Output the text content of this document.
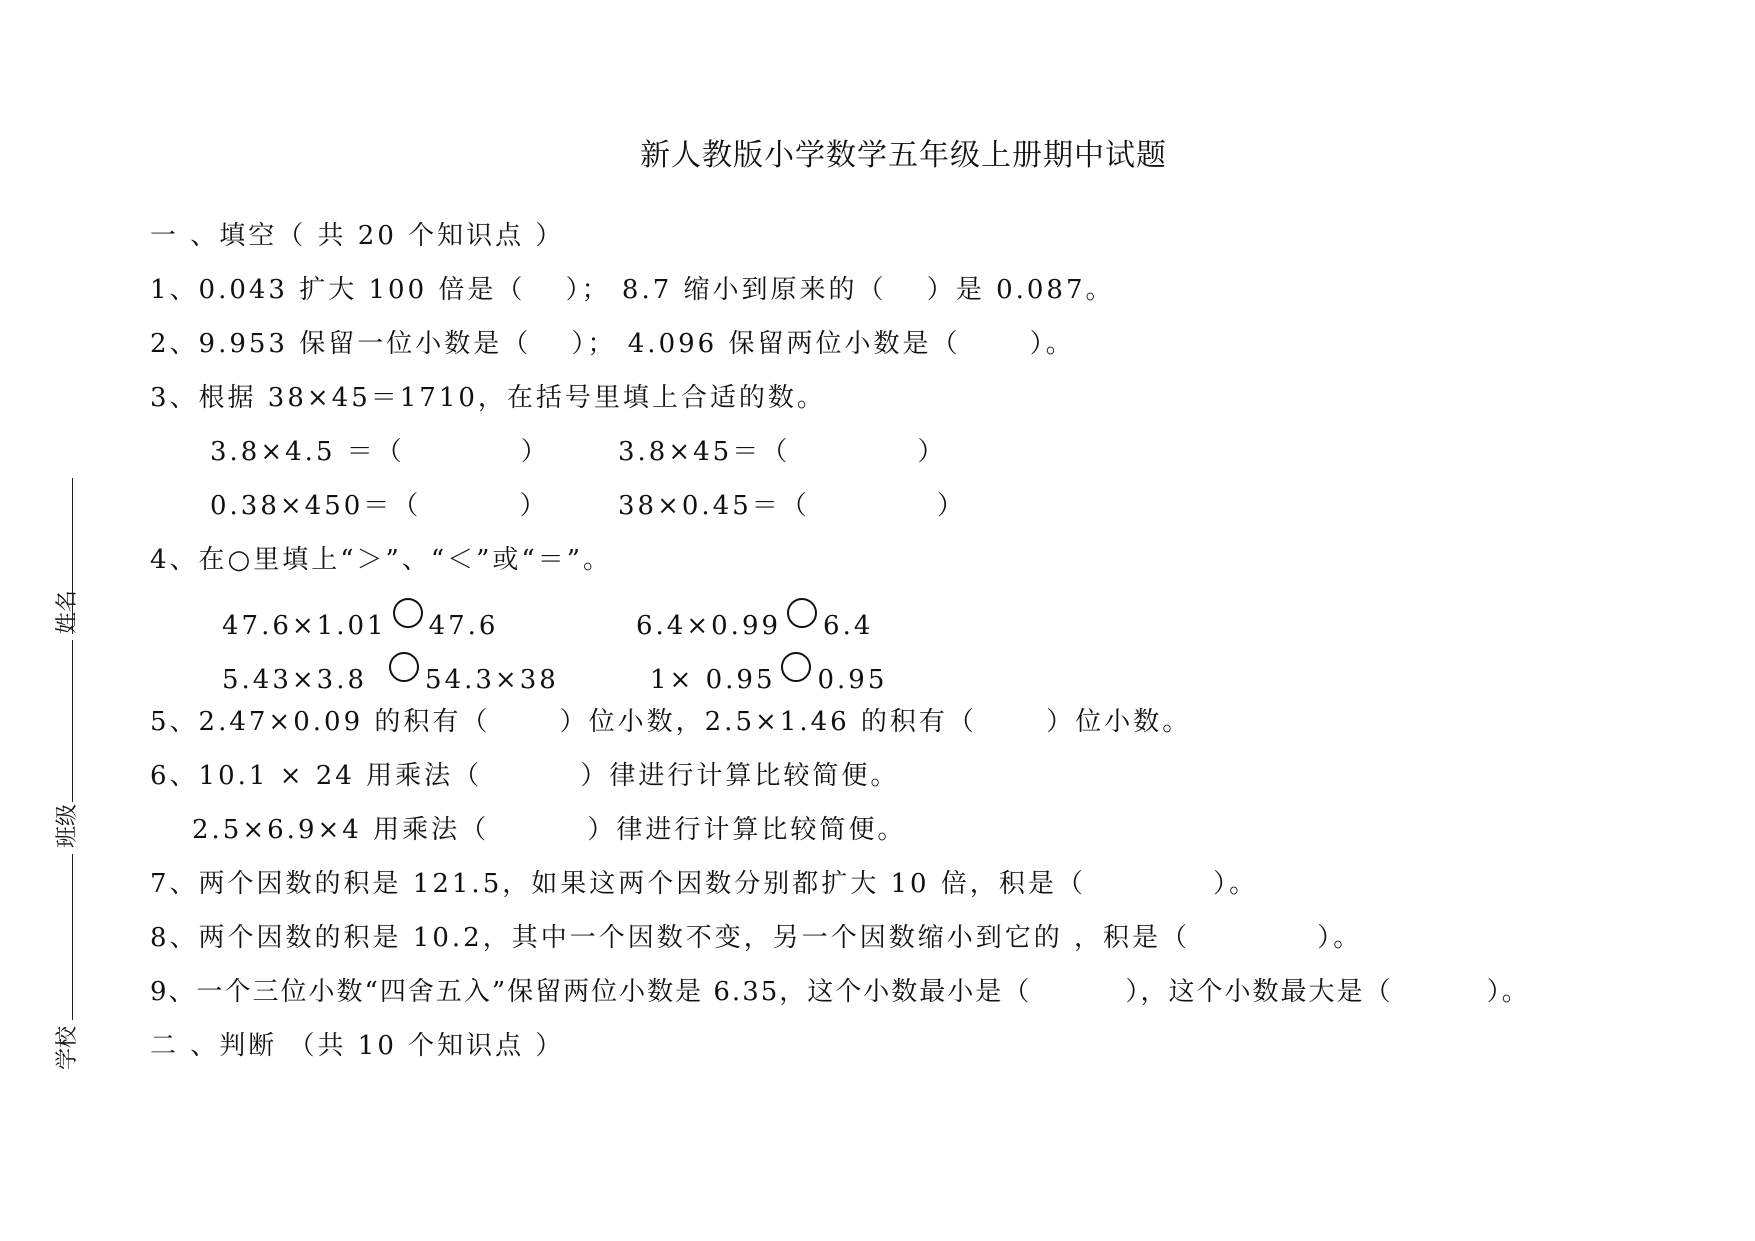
新人教版小学数学五年级上册期中试题
姓名
班级
学校
一 、填空（ 共 20 个知识点 ）
1、0.043 扩大 100 倍是（　 ）； 8.7 缩小到原来的（　 ）是 0.087。
2、9.953 保留一位小数是（　 ）； 4.096 保留两位小数是（　　 ）。
3、根据 38×45＝1710，在括号里填上合适的数。
3.8×4.5 ＝（　　　　）	3.8×45＝（　　　　 ）
0.38×450＝（　　　 ）	38×0.45＝（　　　　 ）
4、在○里填上“＞”、“＜”或“＝”。
47.6×1.01 47.6	6.4×0.99 6.4
5.43×3.8 54.3×38	1× 0.95 0.95
5、2.47×0.09 的积有（　　 ）位小数，2.5×1.46 的积有（　　 ）位小数。
6、10.1 × 24 用乘法（　　　 ）律进行计算比较简便。
2.5×6.9×4 用乘法（　　　 ）律进行计算比较简便。
7、两个因数的积是 121.5，如果这两个因数分别都扩大 10 倍，积是（　　　　 ）。
8、两个因数的积是 10.2，其中一个因数不变，另一个因数缩小到它的 ，积是（　　　　 ）。
9、一个三位小数“四舍五入”保留两位小数是 6.35，这个小数最小是（　　　 ），这个小数最大是（　　　 ）。
二 、判断 （共 10 个知识点 ）
